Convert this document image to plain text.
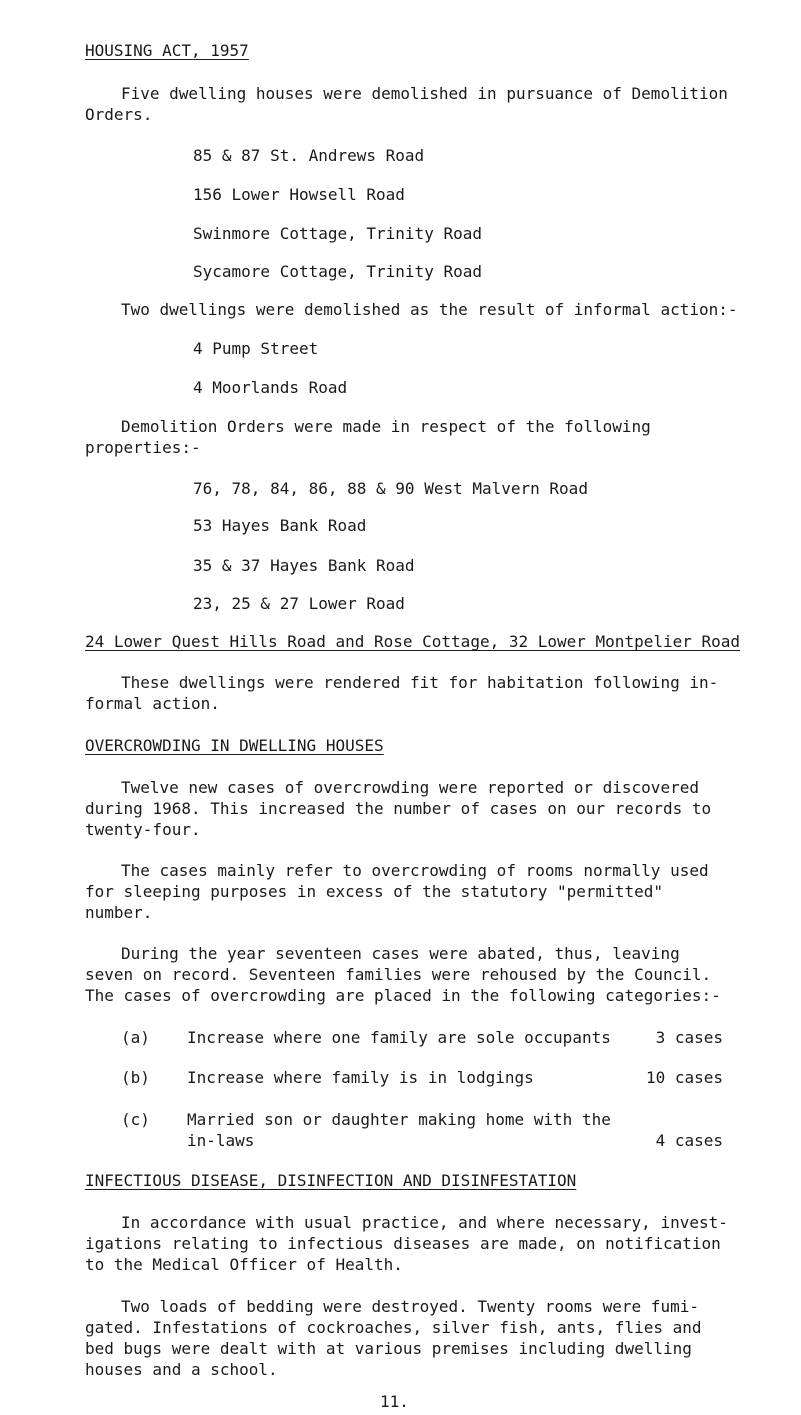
HOUSING ACT, 1957
Five dwelling houses were demolished in pursuance of Demolition
Orders.
85 & 87 St. Andrews Road
156 Lower Howsell Road
Swinmore Cottage, Trinity Road
Sycamore Cottage, Trinity Road
Two dwellings were demolished as the result of informal action:-
4 Pump Street
4 Moorlands Road
Demolition Orders were made in respect of the following
properties:-
76, 78, 84, 86, 88 & 90 West Malvern Road
53 Hayes Bank Road
35 & 37 Hayes Bank Road
23, 25 & 27 Lower Road
24 Lower Quest Hills Road and Rose Cottage, 32 Lower Montpelier Road
These dwellings were rendered fit for habitation following in-
formal action.
OVERCROWDING IN DWELLING HOUSES
Twelve new cases of overcrowding were reported or discovered
during 1968. This increased the number of cases on our records to
twenty-four.
The cases mainly refer to overcrowding of rooms normally used
for sleeping purposes in excess of the statutory "permitted"
number.
During the year seventeen cases were abated, thus, leaving
seven on record. Seventeen families were rehoused by the Council.
The cases of overcrowding are placed in the following categories:-
(a) Increase where one family are sole occupants	3 cases
(b) Increase where family is in lodgings	10 cases
(c) Married son or daughter making home with the
in-laws	4 cases
INFECTIOUS DISEASE, DISINFECTION AND DISINFESTATION
In accordance with usual practice, and where necessary, invest-
igations relating to infectious diseases are made, on notification
to the Medical Officer of Health.
Two loads of bedding were destroyed. Twenty rooms were fumi-
gated. Infestations of cockroaches, silver fish, ants, flies and
bed bugs were dealt with at various premises including dwelling
houses and a school.
11.
